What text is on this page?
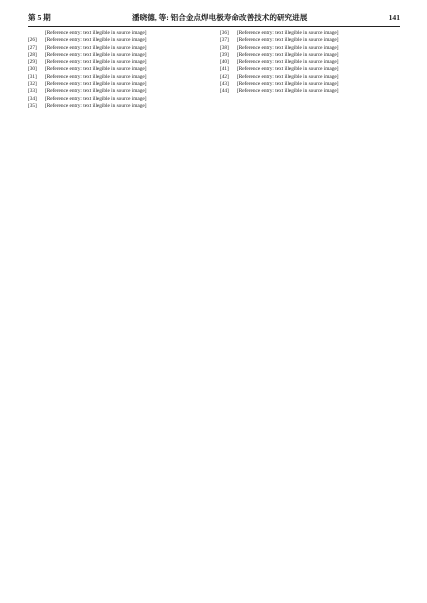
第 5 期	潘晓德, 等: 铝合金点焊电极寿命改善技术的研究进展	141

[Reference entry: text illegible in source image]

[26]	[Reference entry: text illegible in source image]

[27]	[Reference entry: text illegible in source image]

[28]	[Reference entry: text illegible in source image]

[29]	[Reference entry: text illegible in source image]

[30]	[Reference entry: text illegible in source image]

[31]	[Reference entry: text illegible in source image]

[32]	[Reference entry: text illegible in source image]

[33]	[Reference entry: text illegible in source image]

[34]	[Reference entry: text illegible in source image]

[35]	[Reference entry: text illegible in source image]

[36]	[Reference entry: text illegible in source image]

[37]	[Reference entry: text illegible in source image]

[38]	[Reference entry: text illegible in source image]

[39]	[Reference entry: text illegible in source image]

[40]	[Reference entry: text illegible in source image]

[41]	[Reference entry: text illegible in source image]

[42]	[Reference entry: text illegible in source image]

[43]	[Reference entry: text illegible in source image]

[44]	[Reference entry: text illegible in source image]
